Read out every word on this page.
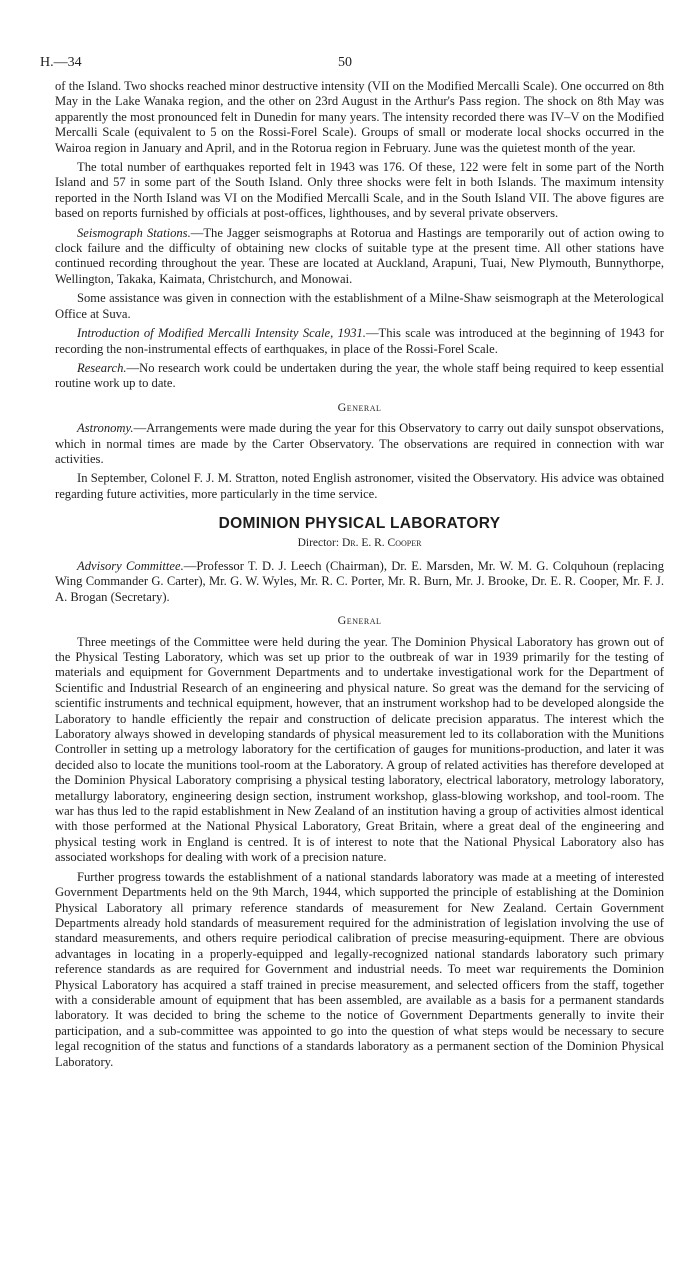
H.—34	50

of the Island. Two shocks reached minor destructive intensity (VII on the Modified Mercalli Scale). One occurred on 8th May in the Lake Wanaka region, and the other on 23rd August in the Arthur's Pass region. The shock on 8th May was apparently the most pronounced felt in Dunedin for many years. The intensity recorded there was IV–V on the Modified Mercalli Scale (equivalent to 5 on the Rossi-Forel Scale). Groups of small or moderate local shocks occurred in the Wairoa region in January and April, and in the Rotorua region in February. June was the quietest month of the year.

The total number of earthquakes reported felt in 1943 was 176. Of these, 122 were felt in some part of the North Island and 57 in some part of the South Island. Only three shocks were felt in both Islands. The maximum intensity reported in the North Island was VI on the Modified Mercalli Scale, and in the South Island VII. The above figures are based on reports furnished by officials at post-offices, lighthouses, and by several private observers.

Seismograph Stations.—The Jagger seismographs at Rotorua and Hastings are temporarily out of action owing to clock failure and the difficulty of obtaining new clocks of suitable type at the present time. All other stations have continued recording throughout the year. These are located at Auckland, Arapuni, Tuai, New Plymouth, Bunnythorpe, Wellington, Takaka, Kaimata, Christchurch, and Monowai.

Some assistance was given in connection with the establishment of a Milne-Shaw seismograph at the Meterological Office at Suva.

Introduction of Modified Mercalli Intensity Scale, 1931.—This scale was introduced at the beginning of 1943 for recording the non-instrumental effects of earthquakes, in place of the Rossi-Forel Scale.

Research.—No research work could be undertaken during the year, the whole staff being required to keep essential routine work up to date.

General

Astronomy.—Arrangements were made during the year for this Observatory to carry out daily sunspot observations, which in normal times are made by the Carter Observatory. The observations are required in connection with war activities.

In September, Colonel F. J. M. Stratton, noted English astronomer, visited the Observatory. His advice was obtained regarding future activities, more particularly in the time service.

DOMINION PHYSICAL LABORATORY
Director: Dr. E. R. Cooper

Advisory Committee.—Professor T. D. J. Leech (Chairman), Dr. E. Marsden, Mr. W. M. G. Colquhoun (replacing Wing Commander G. Carter), Mr. G. W. Wyles, Mr. R. C. Porter, Mr. R. Burn, Mr. J. Brooke, Dr. E. R. Cooper, Mr. F. J. A. Brogan (Secretary).

General

Three meetings of the Committee were held during the year. The Dominion Physical Laboratory has grown out of the Physical Testing Laboratory, which was set up prior to the outbreak of war in 1939 primarily for the testing of materials and equipment for Government Departments and to undertake investigational work for the Department of Scientific and Industrial Research of an engineering and physical nature. So great was the demand for the servicing of scientific instruments and technical equipment, however, that an instrument workshop had to be developed alongside the Laboratory to handle efficiently the repair and construction of delicate precision apparatus. The interest which the Laboratory always showed in developing standards of physical measurement led to its collaboration with the Munitions Controller in setting up a metrology laboratory for the certification of gauges for munitions-production, and later it was decided also to locate the munitions tool-room at the Laboratory. A group of related activities has therefore developed at the Dominion Physical Laboratory comprising a physical testing laboratory, electrical laboratory, metrology laboratory, metallurgy laboratory, engineering design section, instrument workshop, glass-blowing workshop, and tool-room. The war has thus led to the rapid establishment in New Zealand of an institution having a group of activities almost identical with those performed at the National Physical Laboratory, Great Britain, where a great deal of the engineering and physical testing work in England is centred. It is of interest to note that the National Physical Laboratory also has associated workshops for dealing with work of a precision nature.

Further progress towards the establishment of a national standards laboratory was made at a meeting of interested Government Departments held on the 9th March, 1944, which supported the principle of establishing at the Dominion Physical Laboratory all primary reference standards of measurement for New Zealand. Certain Government Departments already hold standards of measurement required for the administration of legislation involving the use of standard measurements, and others require periodical calibration of precise measuring-equipment. There are obvious advantages in locating in a properly-equipped and legally-recognized national standards laboratory such primary reference standards as are required for Government and industrial needs. To meet war requirements the Dominion Physical Laboratory has acquired a staff trained in precise measurement, and selected officers from the staff, together with a considerable amount of equipment that has been assembled, are available as a basis for a permanent standards laboratory. It was decided to bring the scheme to the notice of Government Departments generally to invite their participation, and a sub-committee was appointed to go into the question of what steps would be necessary to secure legal recognition of the status and functions of a standards laboratory as a permanent section of the Dominion Physical Laboratory.
